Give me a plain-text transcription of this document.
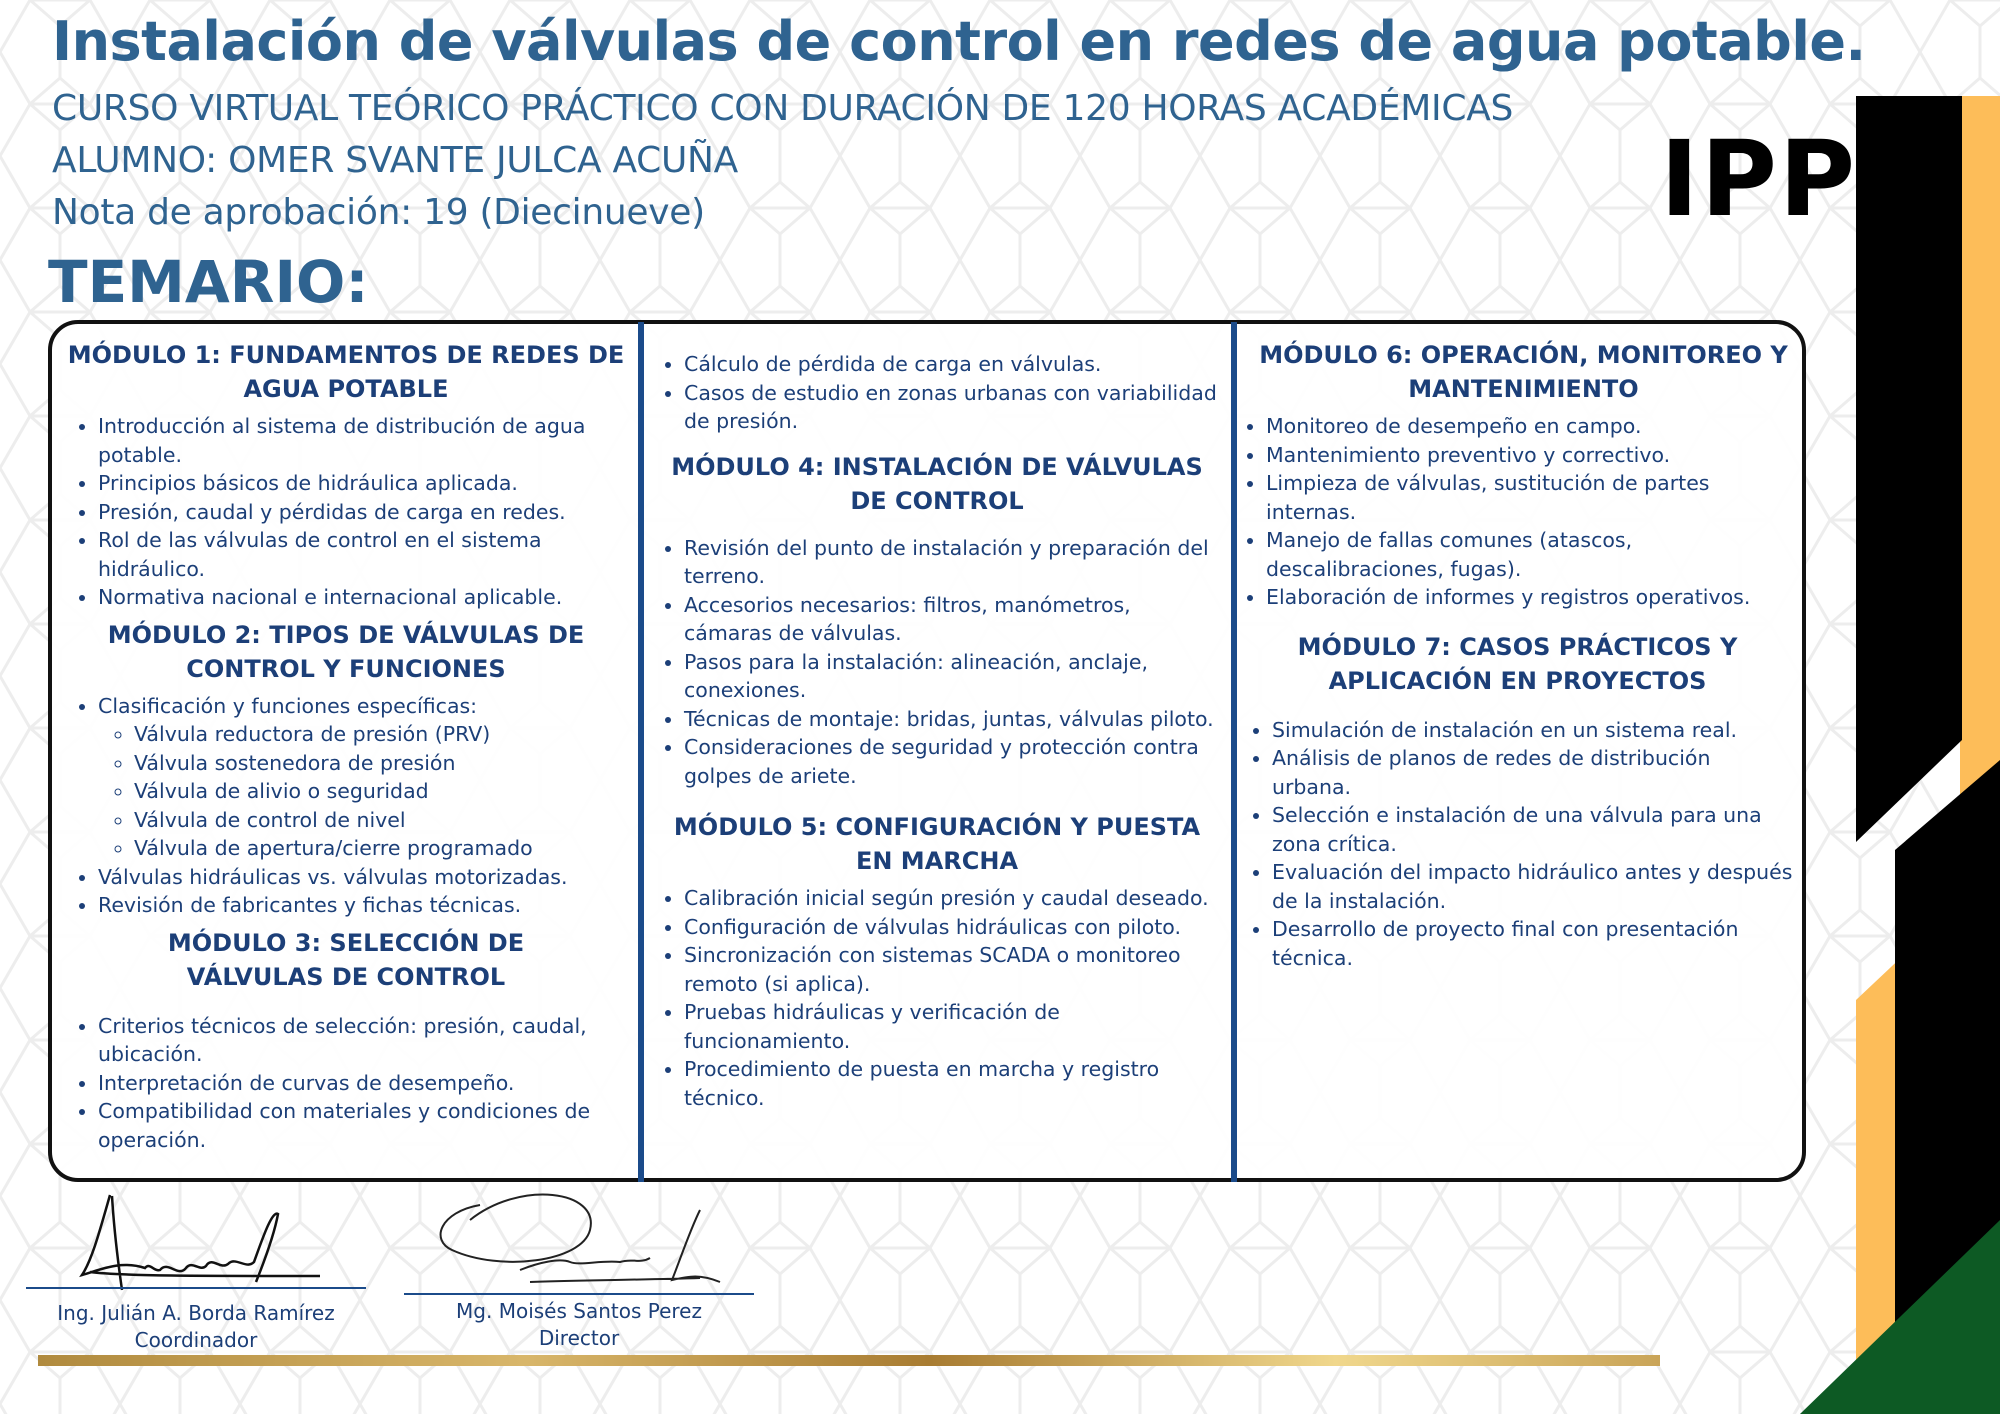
Instalación de válvulas de control en redes de agua potable.
CURSO VIRTUAL TEÓRICO PRÁCTICO CON DURACIÓN DE 120 HORAS ACADÉMICAS
ALUMNO: OMER SVANTE JULCA ACUÑA
Nota de aprobación: 19 (Diecinueve)	IPP
TEMARIO:
MÓDULO 1: FUNDAMENTOS DE REDES DE AGUA POTABLE
• Introducción al sistema de distribución de agua potable.
• Principios básicos de hidráulica aplicada.
• Presión, caudal y pérdidas de carga en redes.
• Rol de las válvulas de control en el sistema hidráulico.
• Normativa nacional e internacional aplicable.
MÓDULO 2: TIPOS DE VÁLVULAS DE CONTROL Y FUNCIONES
• Clasificación y funciones específicas:
◦ Válvula reductora de presión (PRV)
◦ Válvula sostenedora de presión
◦ Válvula de alivio o seguridad
◦ Válvula de control de nivel
◦ Válvula de apertura/cierre programado
• Válvulas hidráulicas vs. válvulas motorizadas.
• Revisión de fabricantes y fichas técnicas.
MÓDULO 3: SELECCIÓN DE VÁLVULAS DE CONTROL
• Criterios técnicos de selección: presión, caudal, ubicación.
• Interpretación de curvas de desempeño.
• Compatibilidad con materiales y condiciones de operación.
• Cálculo de pérdida de carga en válvulas.
• Casos de estudio en zonas urbanas con variabilidad de presión.
MÓDULO 4: INSTALACIÓN DE VÁLVULAS DE CONTROL
• Revisión del punto de instalación y preparación del terreno.
• Accesorios necesarios: filtros, manómetros, cámaras de válvulas.
• Pasos para la instalación: alineación, anclaje, conexiones.
• Técnicas de montaje: bridas, juntas, válvulas piloto.
• Consideraciones de seguridad y protección contra golpes de ariete.
MÓDULO 5: CONFIGURACIÓN Y PUESTA EN MARCHA
• Calibración inicial según presión y caudal deseado.
• Configuración de válvulas hidráulicas con piloto.
• Sincronización con sistemas SCADA o monitoreo remoto (si aplica).
• Pruebas hidráulicas y verificación de funcionamiento.
• Procedimiento de puesta en marcha y registro técnico.
MÓDULO 6: OPERACIÓN, MONITOREO Y MANTENIMIENTO
• Monitoreo de desempeño en campo.
• Mantenimiento preventivo y correctivo.
• Limpieza de válvulas, sustitución de partes internas.
• Manejo de fallas comunes (atascos, descalibraciones, fugas).
• Elaboración de informes y registros operativos.
MÓDULO 7: CASOS PRÁCTICOS Y APLICACIÓN EN PROYECTOS
• Simulación de instalación en un sistema real.
• Análisis de planos de redes de distribución urbana.
• Selección e instalación de una válvula para una zona crítica.
• Evaluación del impacto hidráulico antes y después de la instalación.
• Desarrollo de proyecto final con presentación técnica.
Ing. Julián A. Borda Ramírez
Coordinador
Mg. Moisés Santos Perez
Director
